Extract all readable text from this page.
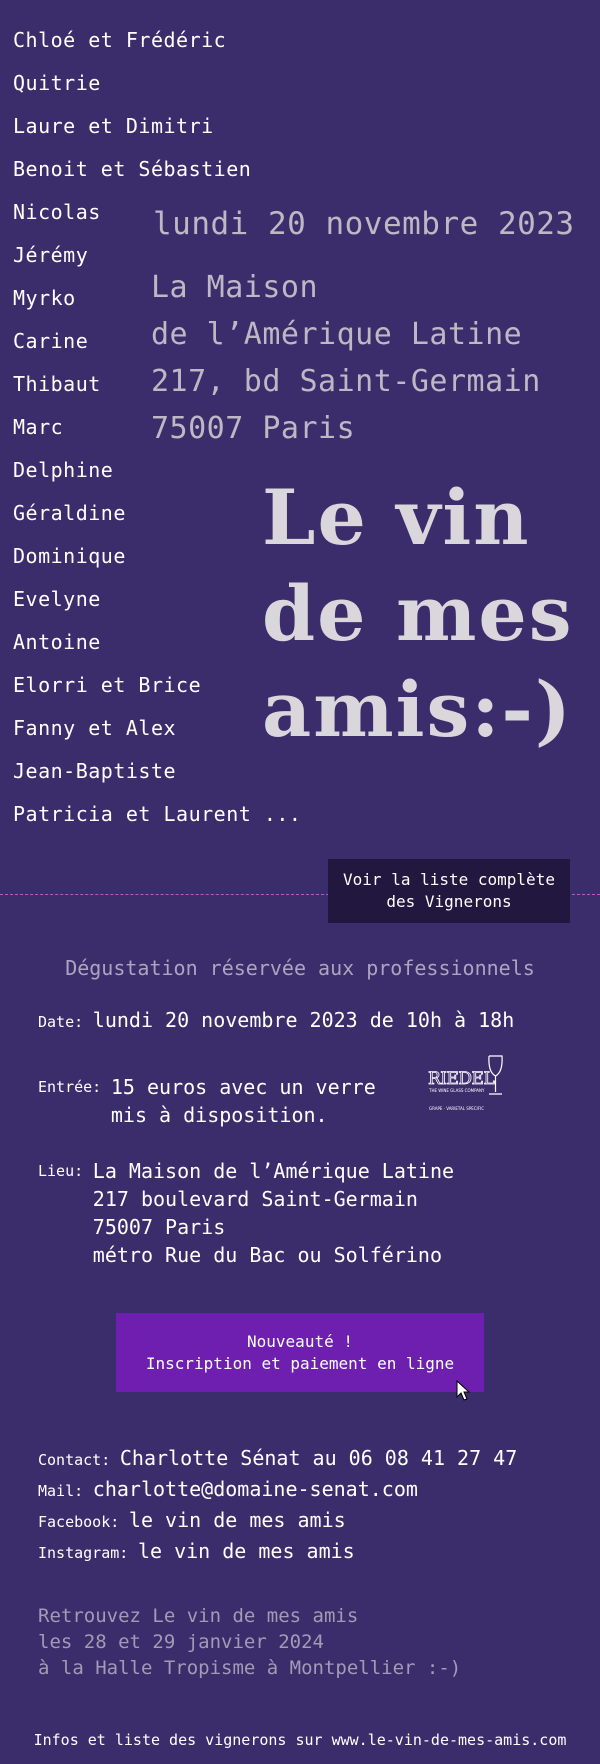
Chloé et Frédéric
Quitrie
Laure et Dimitri
Benoit et Sébastien
Nicolas
Jérémy
Myrko
Carine
Thibaut
Marc
Delphine
Géraldine
Dominique
Evelyne
Antoine
Elorri et Brice
Fanny et Alex
Jean-Baptiste
Patricia et Laurent ...
lundi 20 novembre 2023
La Maison
de l’Amérique Latine
217, bd Saint-Germain
75007 Paris
Le vin
de mes
amis:-)
Voir la liste complète
des Vignerons
Dégustation réservée aux professionnels
Date: lundi 20 novembre 2023 de 10h à 18h
Entrée: 15 euros avec un verre
mis à disposition.
RIEDEL
THE WINE GLASS COMPANY
GRAPE · VARIETAL SPECIFIC
Lieu: La Maison de l’Amérique Latine
217 boulevard Saint-Germain
75007 Paris
métro Rue du Bac ou Solférino
Nouveauté !
Inscription et paiement en ligne
Contact: Charlotte Sénat au 06 08 41 27 47
Mail: charlotte@domaine-senat.com
Facebook: le vin de mes amis
Instagram: le vin de mes amis
Retrouvez Le vin de mes amis
les 28 et 29 janvier 2024
à la Halle Tropisme à Montpellier :-)
Infos et liste des vignerons sur www.le-vin-de-mes-amis.com
